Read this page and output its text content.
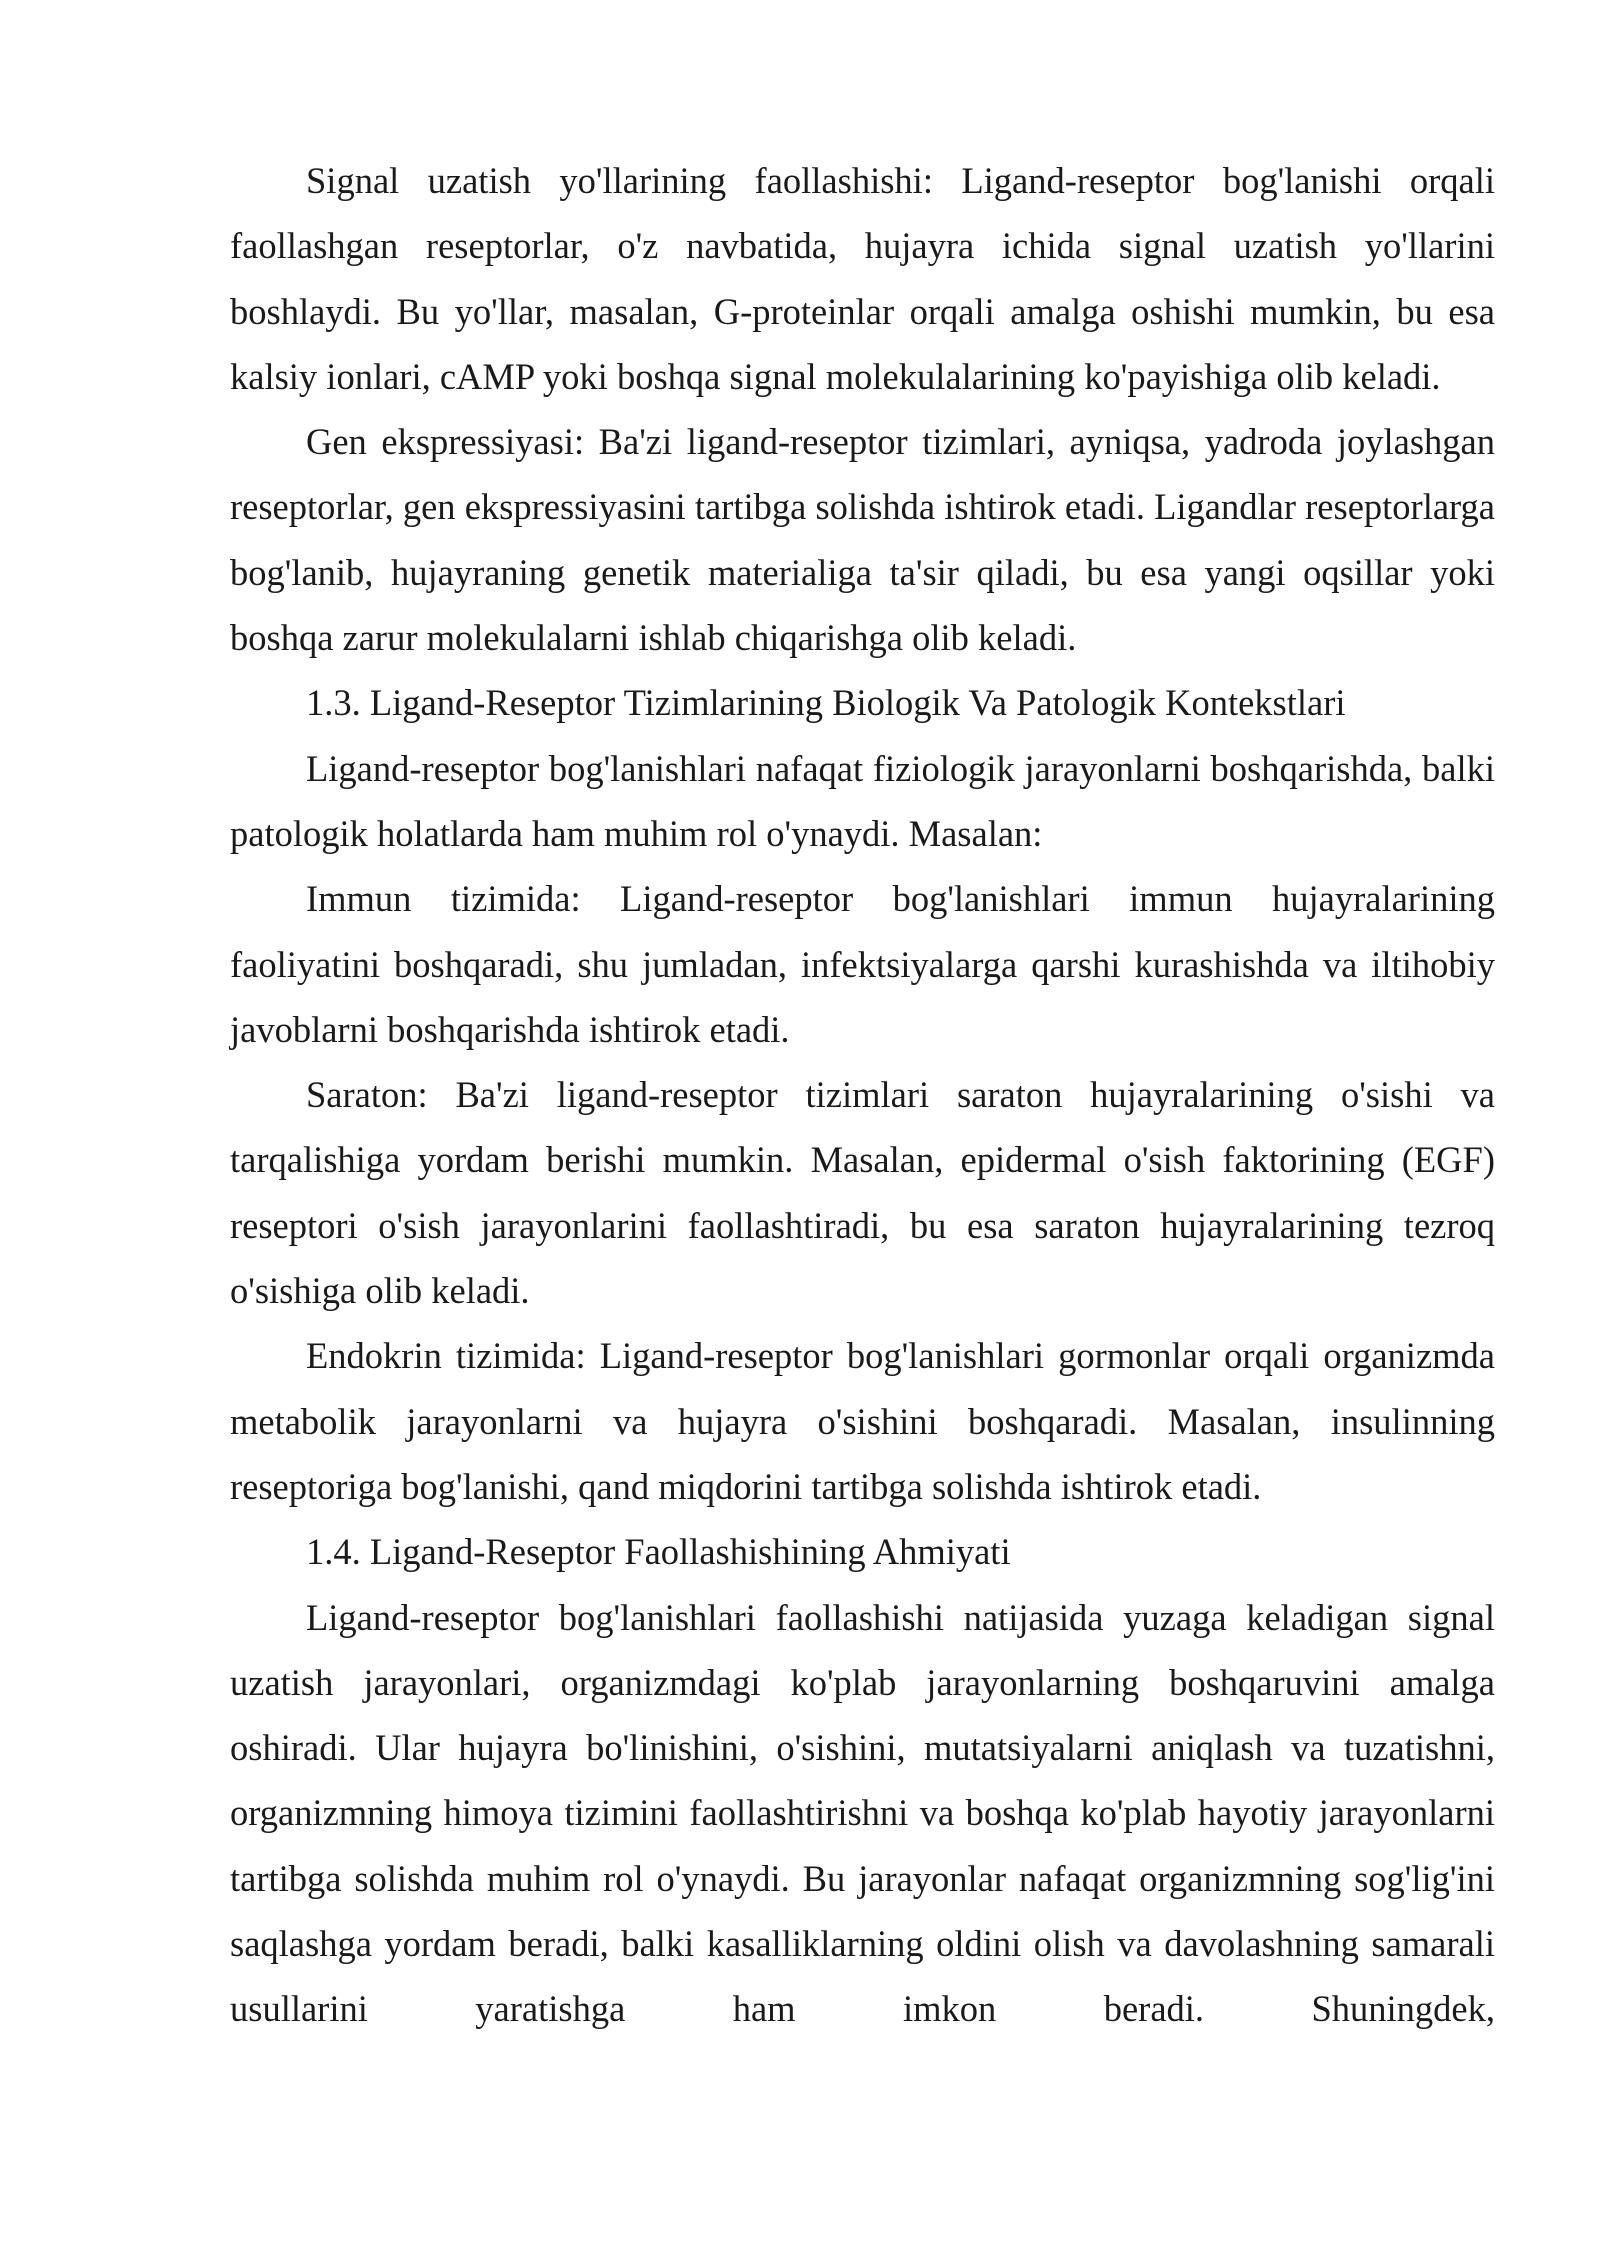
Signal uzatish yo'llarining faollashishi: Ligand-reseptor bog'lanishi orqali faollashgan reseptorlar, o'z navbatida, hujayra ichida signal uzatish yo'llarini boshlaydi. Bu yo'llar, masalan, G-proteinlar orqali amalga oshishi mumkin, bu esa kalsiy ionlari, cAMP yoki boshqa signal molekulalarining ko'payishiga olib keladi.

Gen ekspressiyasi: Ba'zi ligand-reseptor tizimlari, ayniqsa, yadroda joylashgan reseptorlar, gen ekspressiyasini tartibga solishda ishtirok etadi. Ligandlar reseptorlarga bog'lanib, hujayraning genetik materialiga ta'sir qiladi, bu esa yangi oqsillar yoki boshqa zarur molekulalarni ishlab chiqarishga olib keladi.

1.3. Ligand-Reseptor Tizimlarining Biologik Va Patologik Kontekstlari

Ligand-reseptor bog'lanishlari nafaqat fiziologik jarayonlarni boshqarishda, balki patologik holatlarda ham muhim rol o'ynaydi. Masalan:

Immun tizimida: Ligand-reseptor bog'lanishlari immun hujayralarining faoliyatini boshqaradi, shu jumladan, infektsiyalarga qarshi kurashishda va iltihobiy javoblarni boshqarishda ishtirok etadi.

Saraton: Ba'zi ligand-reseptor tizimlari saraton hujayralarining o'sishi va tarqalishiga yordam berishi mumkin. Masalan, epidermal o'sish faktorining (EGF) reseptori o'sish jarayonlarini faollashtiradi, bu esa saraton hujayralarining tezroq o'sishiga olib keladi.

Endokrin tizimida: Ligand-reseptor bog'lanishlari gormonlar orqali organizmda metabolik jarayonlarni va hujayra o'sishini boshqaradi. Masalan, insulinning reseptoriga bog'lanishi, qand miqdorini tartibga solishda ishtirok etadi.

1.4. Ligand-Reseptor Faollashishining Ahmiyati

Ligand-reseptor bog'lanishlari faollashishi natijasida yuzaga keladigan signal uzatish jarayonlari, organizmdagi ko'plab jarayonlarning boshqaruvini amalga oshiradi. Ular hujayra bo'linishini, o'sishini, mutatsiyalarni aniqlash va tuzatishni, organizmning himoya tizimini faollashtirishni va boshqa ko'plab hayotiy jarayonlarni tartibga solishda muhim rol o'ynaydi. Bu jarayonlar nafaqat organizmning sog'lig'ini saqlashga yordam beradi, balki kasalliklarning oldini olish va davolashning samarali usullarini yaratishga ham imkon beradi. Shuningdek,
